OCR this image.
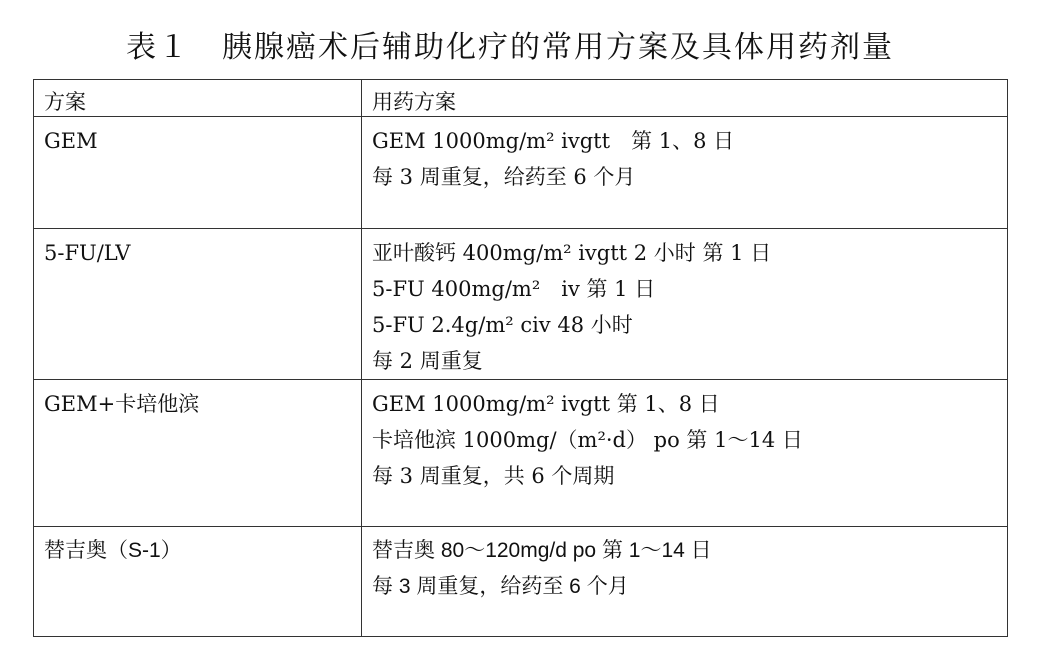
表１　胰腺癌术后辅助化疗的常用方案及具体用药剂量
方案	用药方案

GEM	GEM 1000mg/m² ivgtt　第 1、8 日
每 3 周重复，给药至 6 个月

5-FU/LV	亚叶酸钙 400mg/m² ivgtt 2 小时 第 1 日
5-FU 400mg/m²　iv 第 1 日
5-FU 2.4g/m² civ 48 小时
每 2 周重复

GEM+卡培他滨	GEM 1000mg/m² ivgtt 第 1、8 日
卡培他滨 1000mg/（m²·d） po 第 1～14 日
每 3 周重复，共 6 个周期

替吉奥（S-1）	替吉奥 80～120mg/d po 第 1～14 日
每 3 周重复，给药至 6 个月
